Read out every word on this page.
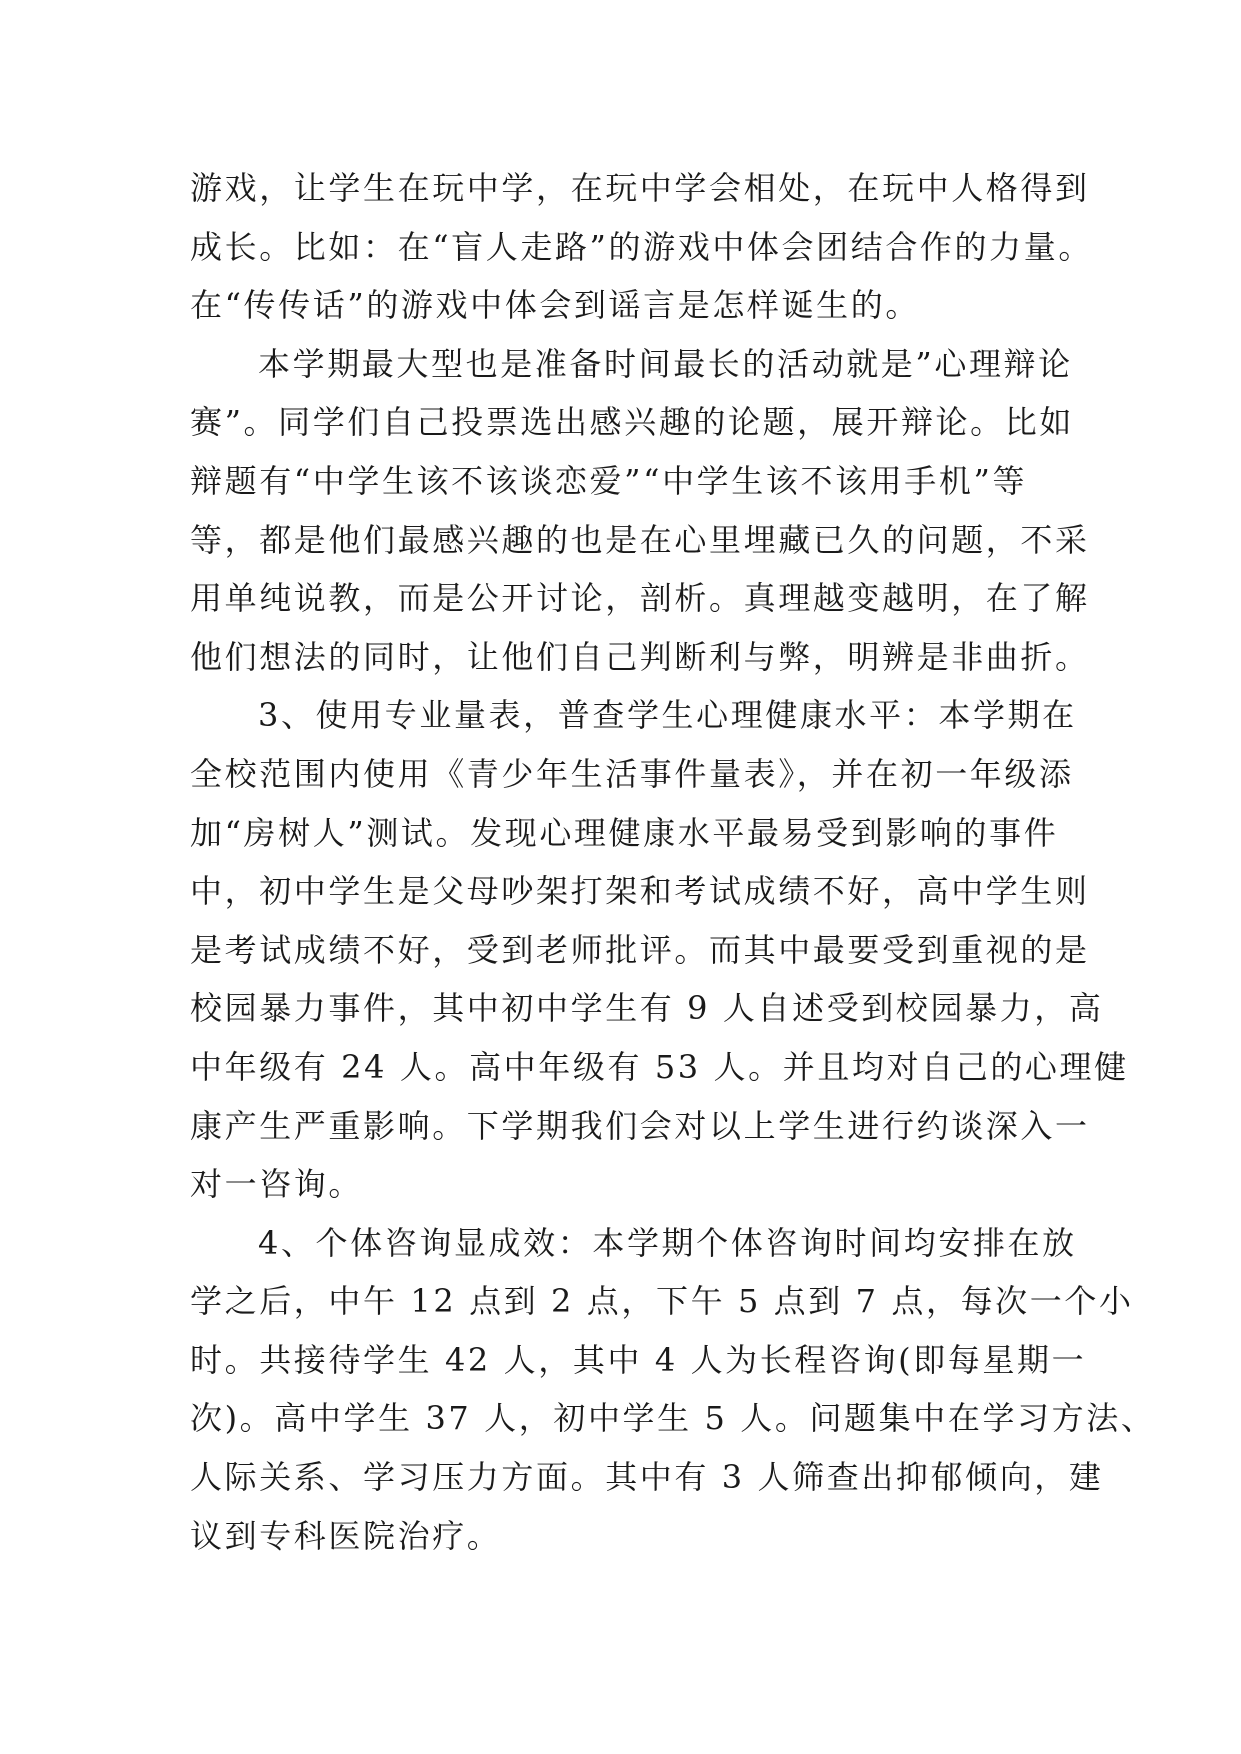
游戏，让学生在玩中学，在玩中学会相处，在玩中人格得到
成长。比如：在“盲人走路”的游戏中体会团结合作的力量。
在“传传话”的游戏中体会到谣言是怎样诞生的。
本学期最大型也是准备时间最长的活动就是”心理辩论
赛”。同学们自己投票选出感兴趣的论题，展开辩论。比如
辩题有“中学生该不该谈恋爱”“中学生该不该用手机”等
等，都是他们最感兴趣的也是在心里埋藏已久的问题，不采
用单纯说教，而是公开讨论，剖析。真理越变越明，在了解
他们想法的同时，让他们自己判断利与弊，明辨是非曲折。
3、使用专业量表，普查学生心理健康水平：本学期在
全校范围内使用《青少年生活事件量表》，并在初一年级添
加“房树人”测试。发现心理健康水平最易受到影响的事件
中，初中学生是父母吵架打架和考试成绩不好，高中学生则
是考试成绩不好，受到老师批评。而其中最要受到重视的是
校园暴力事件，其中初中学生有 9 人自述受到校园暴力，高
中年级有 24 人。高中年级有 53 人。并且均对自己的心理健
康产生严重影响。下学期我们会对以上学生进行约谈深入一
对一咨询。
4、个体咨询显成效：本学期个体咨询时间均安排在放
学之后，中午 12 点到 2 点，下午 5 点到 7 点，每次一个小
时。共接待学生 42 人，其中 4 人为长程咨询(即每星期一
次)。高中学生 37 人，初中学生 5 人。问题集中在学习方法、
人际关系、学习压力方面。其中有 3 人筛查出抑郁倾向，建
议到专科医院治疗。
